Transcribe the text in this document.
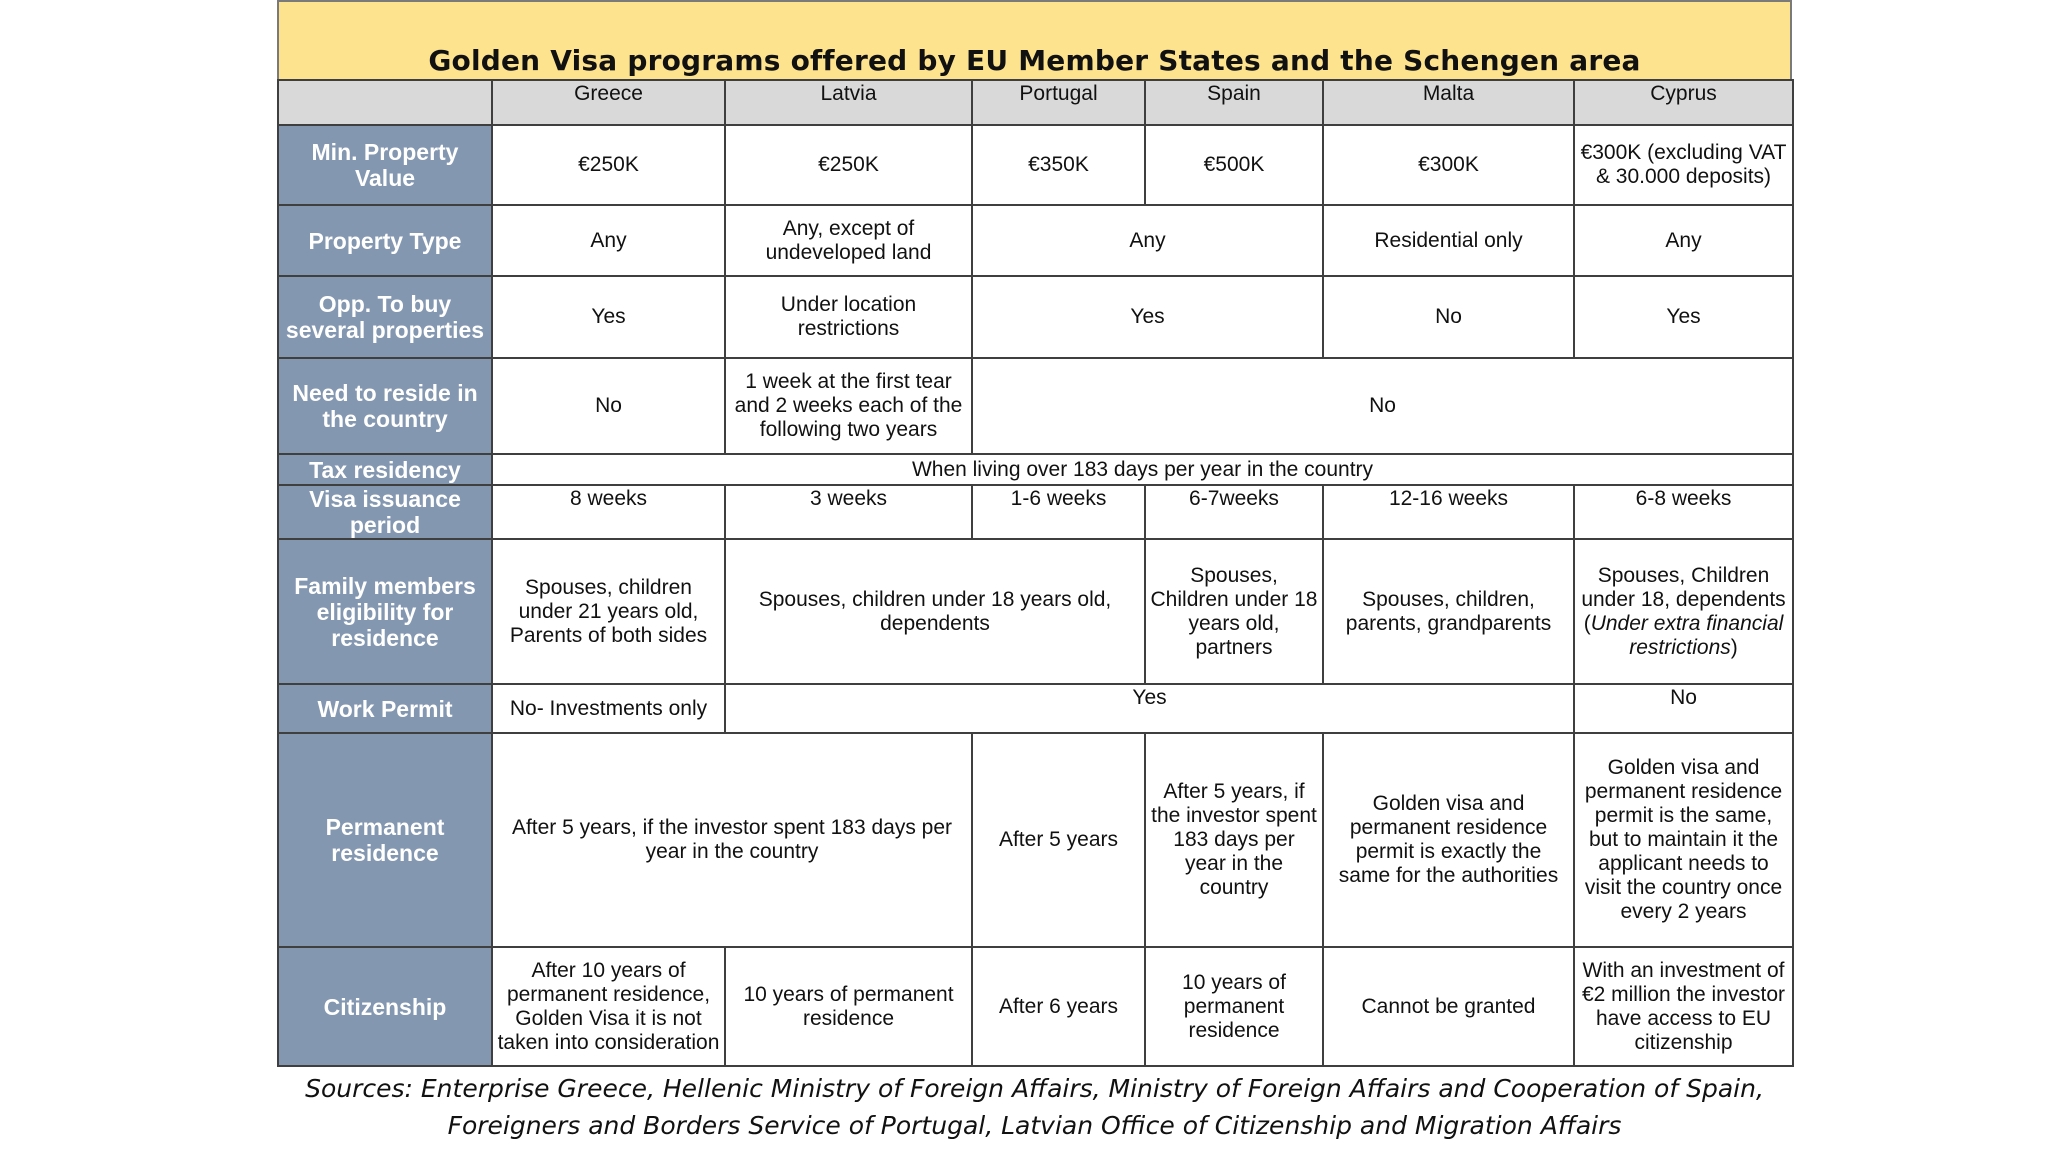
Golden Visa programs offered by EU Member States and the Schengen area
	Greece	Latvia	Portugal	Spain	Malta	Cyprus
Min. Property Value	€250K	€250K	€350K	€500K	€300K	€300K (excluding VAT & 30.000 deposits)
Property Type	Any	Any, except of undeveloped land	Any		Residential only	Any
Opp. To buy several properties	Yes	Under location restrictions	Yes		No	Yes
Need to reside in the country	No	1 week at the first tear and 2 weeks each of the following two years	No			
Tax residency	When living over 183 days per year in the country					
Visa issuance period	8 weeks	3 weeks	1-6 weeks	6-7weeks	12-16 weeks	6-8 weeks
Family members eligibility for residence	Spouses, children under 21 years old, Parents of both sides	Spouses, children under 18 years old, dependents		Spouses, Children under 18 years old, partners	Spouses, children, parents, grandparents	Spouses, Children under 18, dependents (Under extra financial restrictions)
Work Permit	No- Investments only	Yes				No
Permanent residence	After 5 years, if the investor spent 183 days per year in the country		After 5 years	After 5 years, if the investor spent 183 days per year in the country	Golden visa and permanent residence permit is exactly the same for the authorities	Golden visa and permanent residence permit is the same, but to maintain it the applicant needs to visit the country once every 2 years
Citizenship	After 10 years of permanent residence, Golden Visa it is not taken into consideration	10 years of permanent residence	After 6 years	10 years of permanent residence	Cannot be granted	With an investment of €2 million the investor have access to EU citizenship
Sources: Enterprise Greece, Hellenic Ministry of Foreign Affairs, Ministry of Foreign Affairs and Cooperation of Spain,
Foreigners and Borders Service of Portugal, Latvian Office of Citizenship and Migration Affairs
